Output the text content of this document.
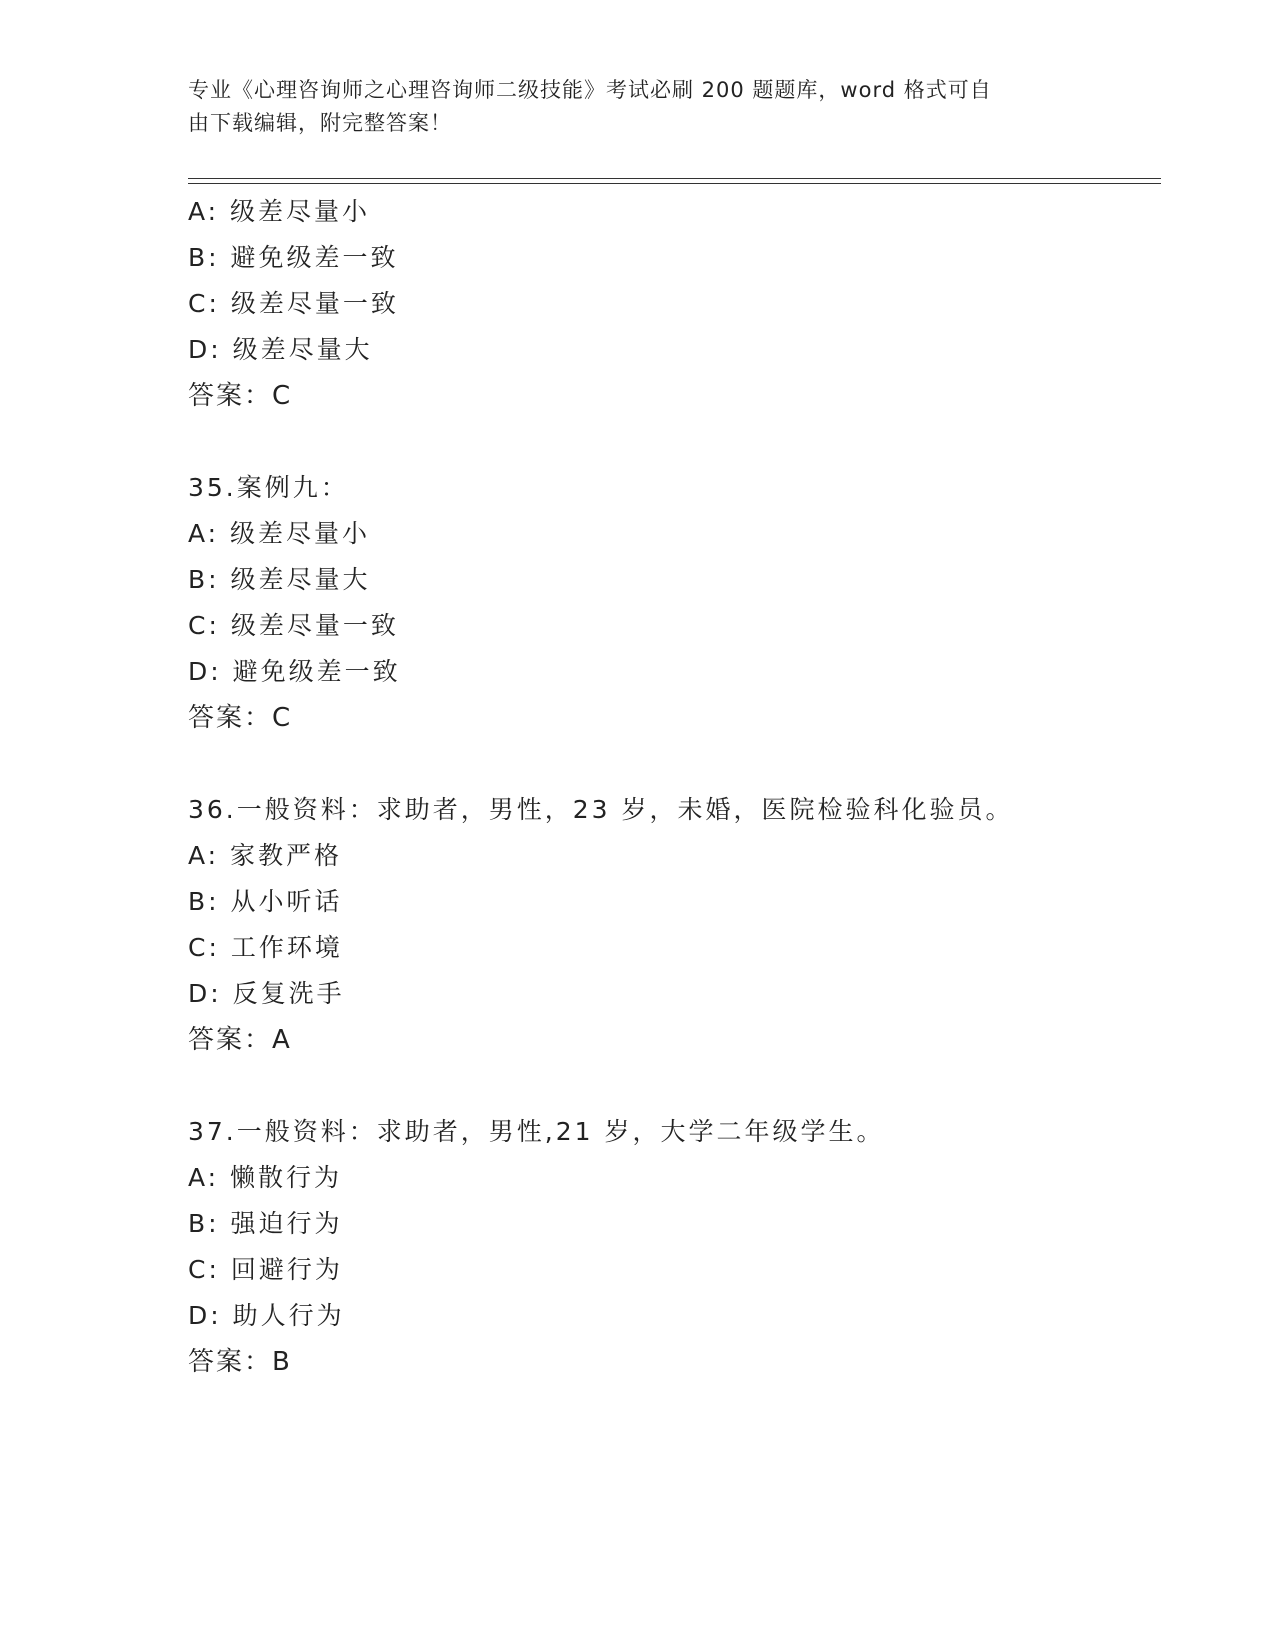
专业《心理咨询师之心理咨询师二级技能》考试必刷 200 题题库，word 格式可自
由下载编辑，附完整答案！
A: 级差尽量小
B: 避免级差一致
C: 级差尽量一致
D: 级差尽量大
答案：C
35.案例九：
A: 级差尽量小
B: 级差尽量大
C: 级差尽量一致
D: 避免级差一致
答案：C
36.一般资料：求助者，男性，23 岁，未婚，医院检验科化验员。
A: 家教严格
B: 从小听话
C: 工作环境
D: 反复洗手
答案：A
37.一般资料：求助者，男性,21 岁，大学二年级学生。
A: 懒散行为
B: 强迫行为
C: 回避行为
D: 助人行为
答案：B
